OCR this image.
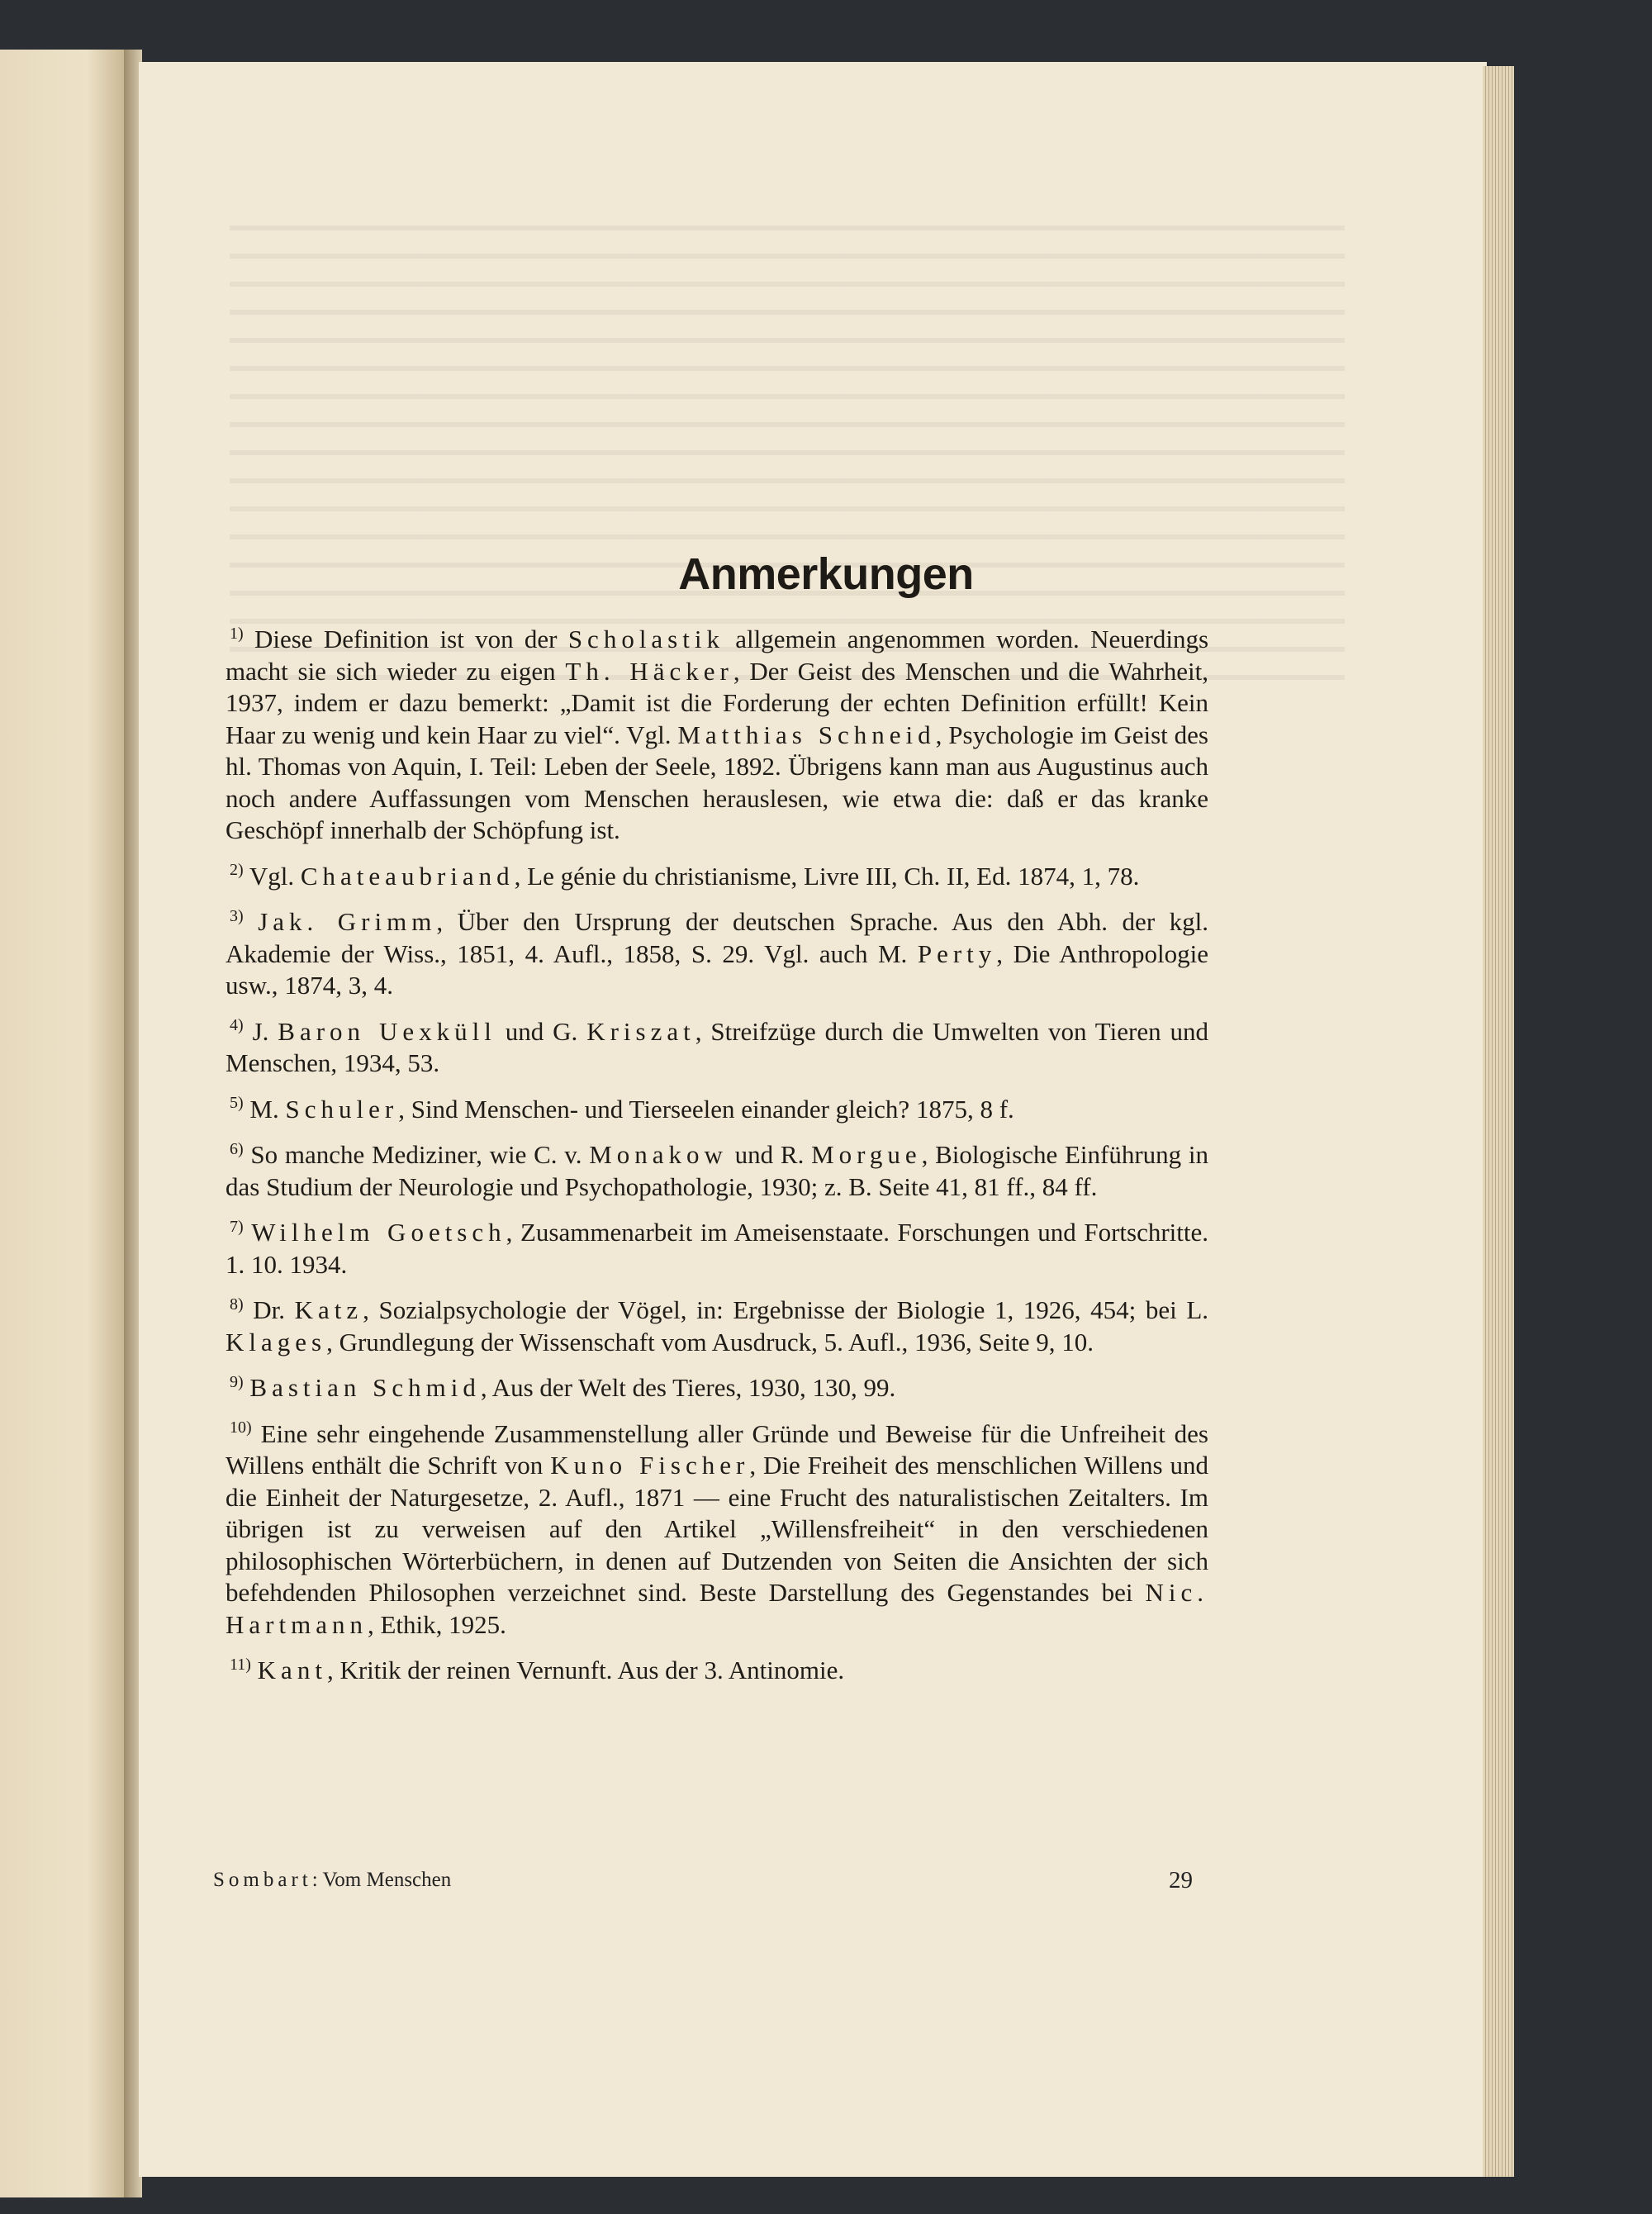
Anmerkungen

$^{1)}$ Diese Definition ist von der Scholastik allgemein angenommen worden. Neuerdings macht sie sich wieder zu eigen Th. Häcker, Der Geist des Menschen und die Wahrheit, 1937, indem er dazu bemerkt: „Damit ist die Forderung der echten Definition erfüllt! Kein Haar zu wenig und kein Haar zu viel“. Vgl. Matthias Schneid, Psychologie im Geist des hl. Thomas von Aquin, I. Teil: Leben der Seele, 1892. Übrigens kann man aus Augustinus auch noch andere Auffassungen vom Menschen herauslesen, wie etwa die: daß er das kranke Geschöpf innerhalb der Schöpfung ist.

$^{2)}$ Vgl. Chateaubriand, Le génie du christianisme, Livre III, Ch. II, Ed. 1874, 1, 78.

$^{3)}$ Jak. Grimm, Über den Ursprung der deutschen Sprache. Aus den Abh. der kgl. Akademie der Wiss., 1851, 4. Aufl., 1858, S. 29. Vgl. auch M. Perty, Die Anthropologie usw., 1874, 3, 4.

$^{4)}$ J. Baron Uexküll und G. Kriszat, Streifzüge durch die Umwelten von Tieren und Menschen, 1934, 53.

$^{5)}$ M. Schuler, Sind Menschen- und Tierseelen einander gleich? 1875, 8 f.

$^{6)}$ So manche Mediziner, wie C. v. Monakow und R. Morgue, Biologische Einführung in das Studium der Neurologie und Psychopathologie, 1930; z. B. Seite 41, 81 ff., 84 ff.

$^{7)}$ Wilhelm Goetsch, Zusammenarbeit im Ameisenstaate. Forschungen und Fortschritte. 1. 10. 1934.

$^{8)}$ Dr. Katz, Sozialpsychologie der Vögel, in: Ergebnisse der Biologie 1, 1926, 454; bei L. Klages, Grundlegung der Wissenschaft vom Ausdruck, 5. Aufl., 1936, Seite 9, 10.

$^{9)}$ Bastian Schmid, Aus der Welt des Tieres, 1930, 130, 99.

$^{10)}$ Eine sehr eingehende Zusammenstellung aller Gründe und Beweise für die Unfreiheit des Willens enthält die Schrift von Kuno Fischer, Die Freiheit des menschlichen Willens und die Einheit der Naturgesetze, 2. Aufl., 1871 — eine Frucht des naturalistischen Zeitalters. Im übrigen ist zu verweisen auf den Artikel „Willensfreiheit“ in den verschiedenen philosophischen Wörterbüchern, in denen auf Dutzenden von Seiten die Ansichten der sich befehdenden Philosophen verzeichnet sind. Beste Darstellung des Gegenstandes bei Nic. Hartmann, Ethik, 1925.

$^{11)}$ Kant, Kritik der reinen Vernunft. Aus der 3. Antinomie.

Sombart: Vom Menschen	29
